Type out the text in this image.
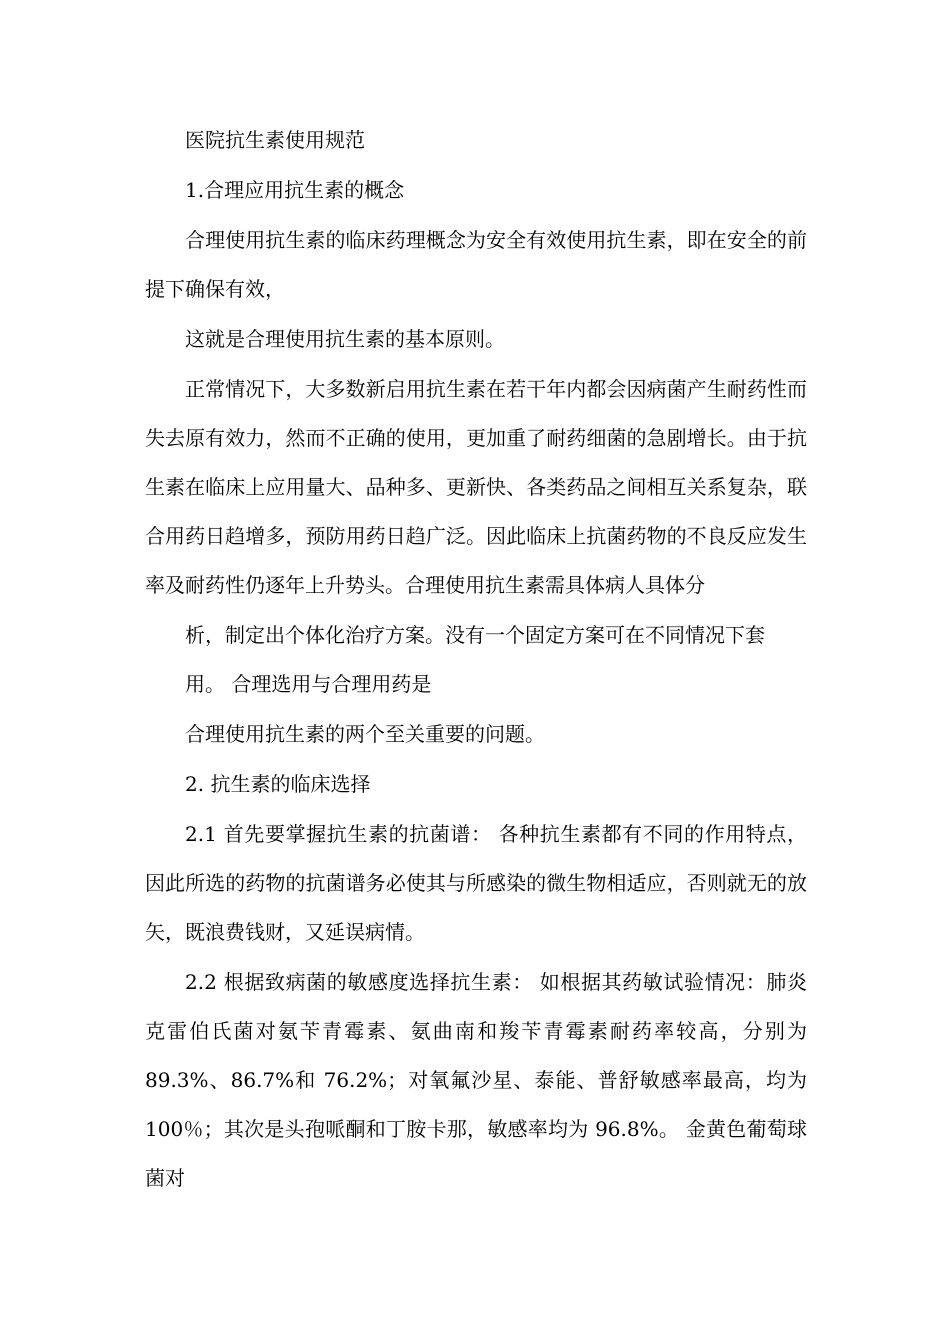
医院抗生素使用规范

1.合理应用抗生素的概念

合理使用抗生素的临床药理概念为安全有效使用抗生素，即在安全的前提下确保有效，

这就是合理使用抗生素的基本原则。

正常情况下，大多数新启用抗生素在若干年内都会因病菌产生耐药性而失去原有效力，然而不正确的使用，更加重了耐药细菌的急剧增长。由于抗生素在临床上应用量大、品种多、更新快、各类药品之间相互关系复杂，联合用药日趋增多，预防用药日趋广泛。因此临床上抗菌药物的不良反应发生率及耐药性仍逐年上升势头。合理使用抗生素需具体病人具体分

析，制定出个体化治疗方案。没有一个固定方案可在不同情况下套

用。 合理选用与合理用药是

合理使用抗生素的两个至关重要的问题。

2. 抗生素的临床选择

2.1 首先要掌握抗生素的抗菌谱： 各种抗生素都有不同的作用特点，因此所选的药物的抗菌谱务必使其与所感染的微生物相适应，否则就无的放矢，既浪费钱财，又延误病情。

2.2 根据致病菌的敏感度选择抗生素： 如根据其药敏试验情况：肺炎克雷伯氏菌对氨苄青霉素、氨曲南和羧苄青霉素耐药率较高，分别为 89.3%、86.7%和 76.2%；对氧氟沙星、泰能、普舒敏感率最高，均为 100％；其次是头孢哌酮和丁胺卡那，敏感率均为 96.8%。 金黄色葡萄球菌对
